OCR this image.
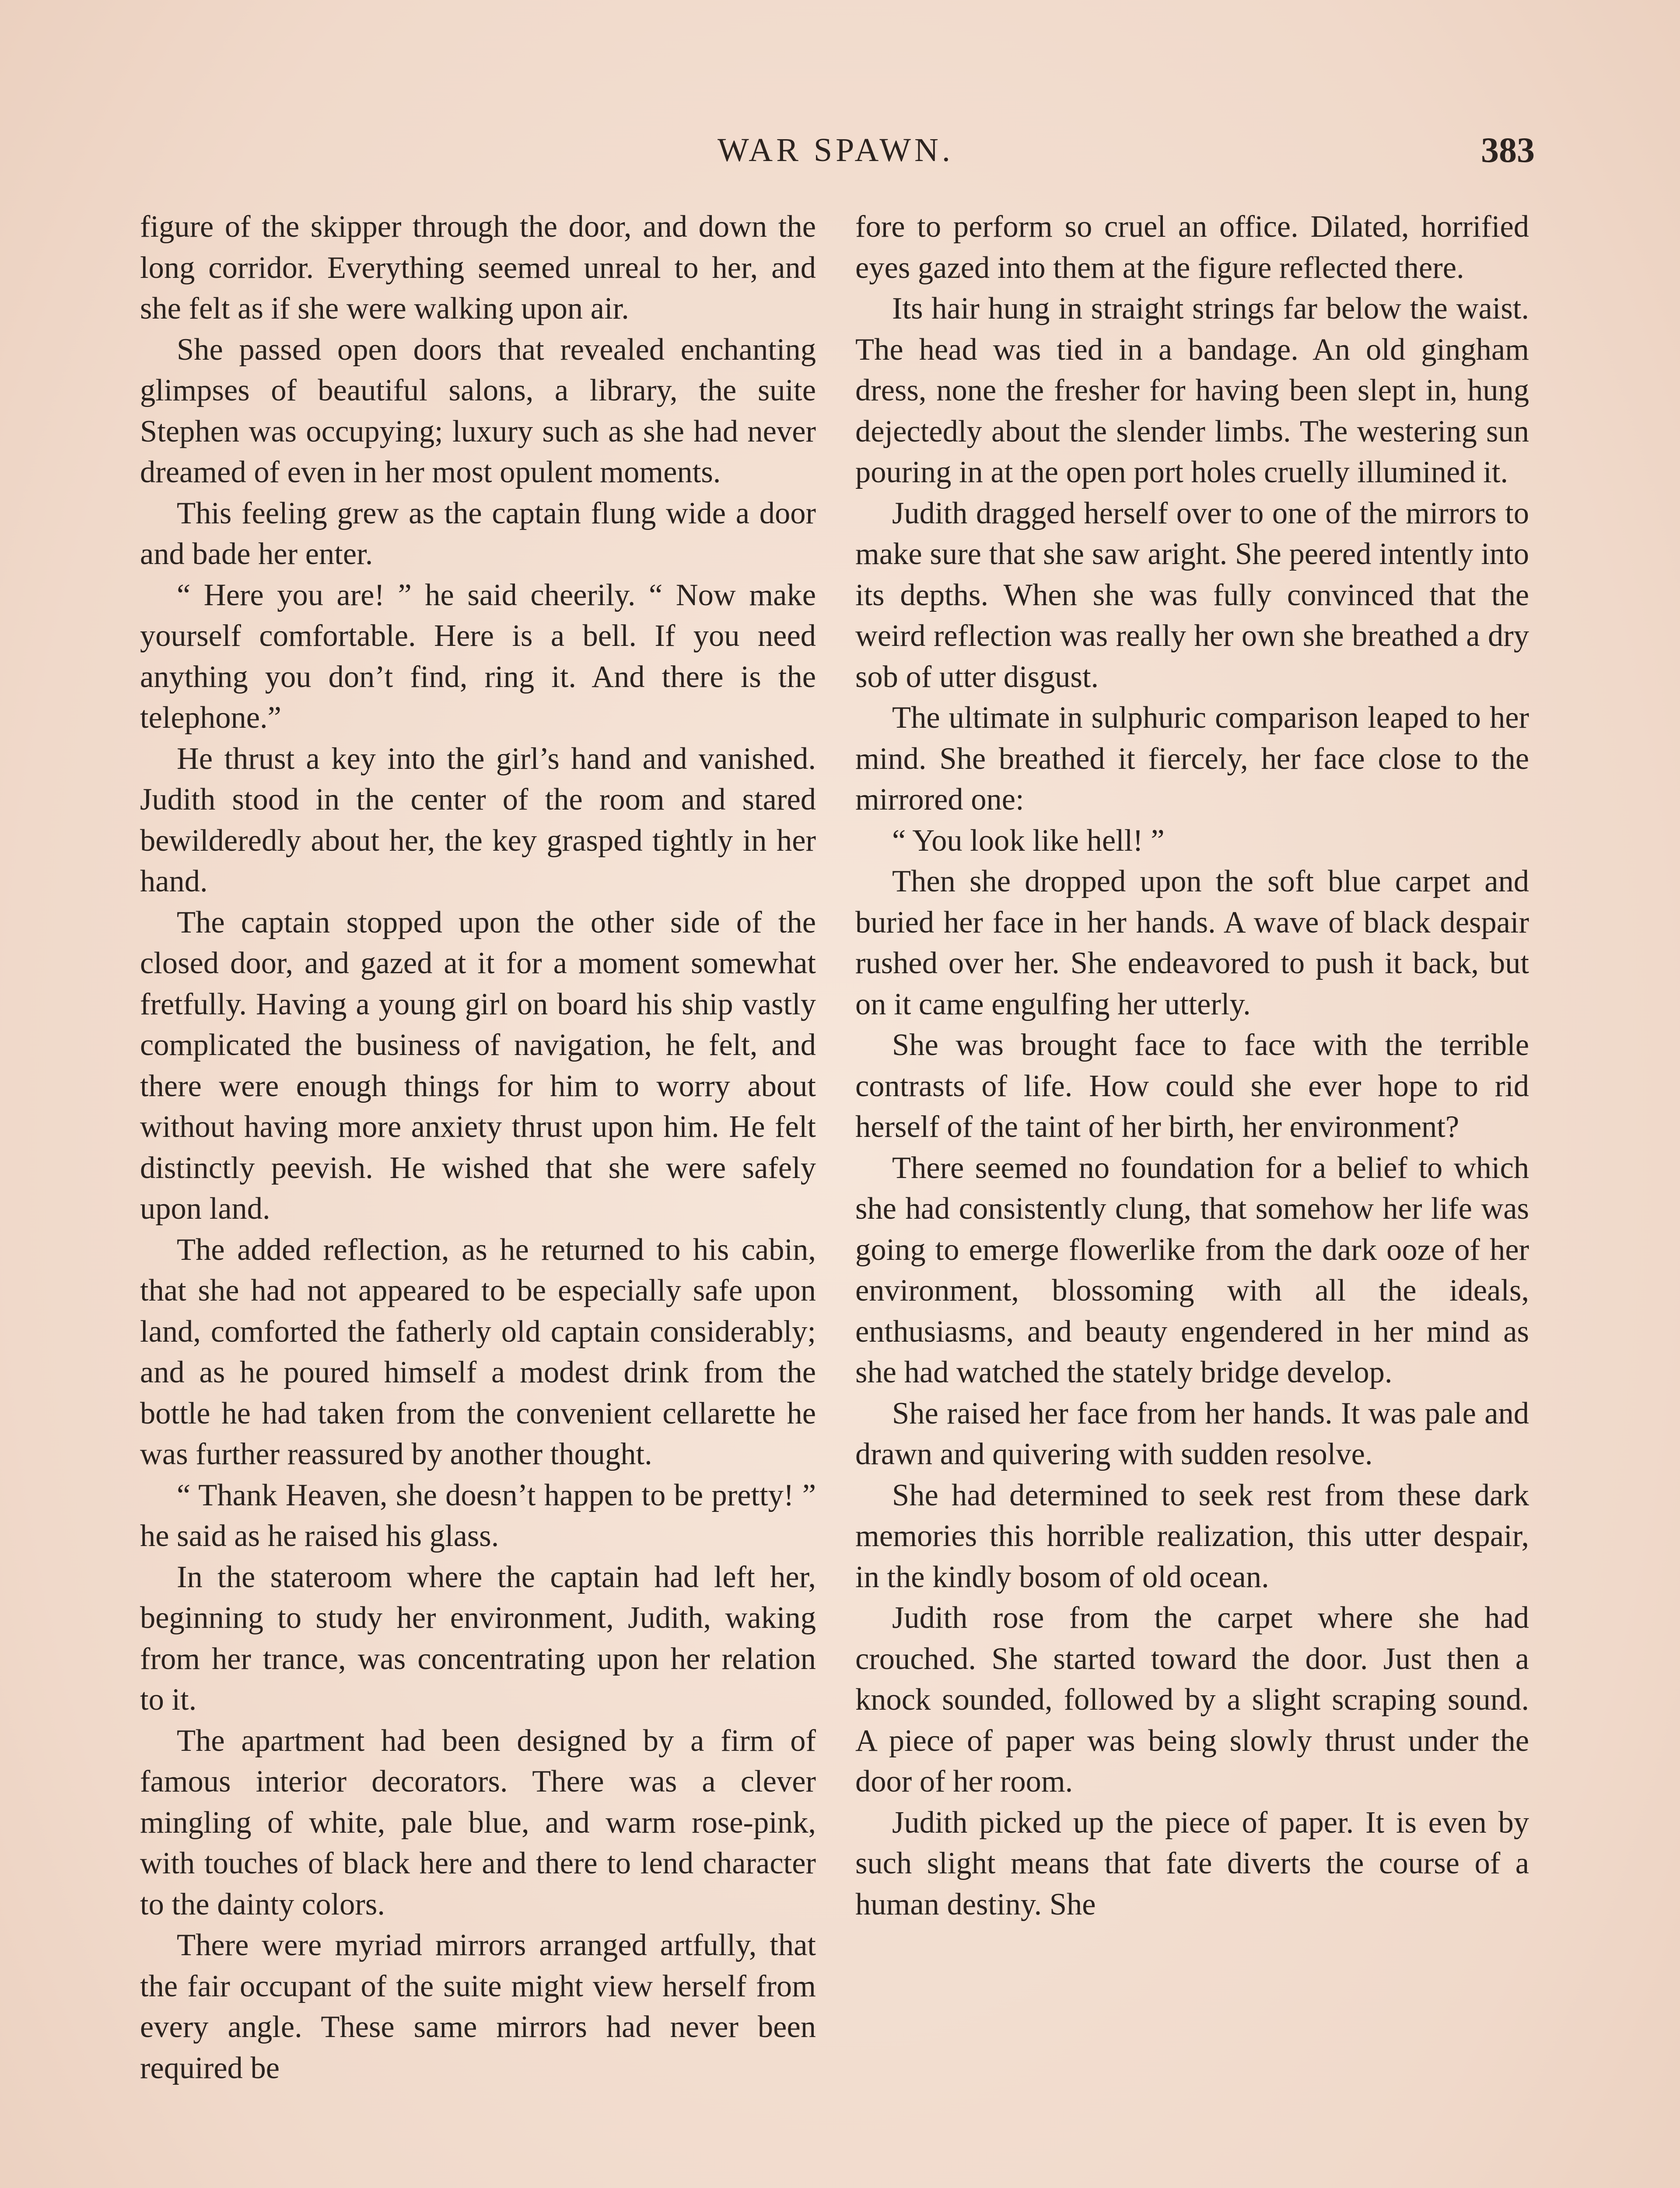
WAR SPAWN.	383

figure of the skipper through the door, and down the long corridor. Everything seemed unreal to her, and she felt as if she were walking upon air.

She passed open doors that revealed enchanting glimpses of beautiful salons, a library, the suite Stephen was occupying; luxury such as she had never dreamed of even in her most opulent moments.

This feeling grew as the captain flung wide a door and bade her enter.

“ Here you are! ” he said cheerily. “ Now make yourself comfortable. Here is a bell. If you need anything you don’t find, ring it. And there is the telephone.”

He thrust a key into the girl’s hand and vanished. Judith stood in the center of the room and stared bewilderedly about her, the key grasped tightly in her hand.

The captain stopped upon the other side of the closed door, and gazed at it for a moment somewhat fretfully. Having a young girl on board his ship vastly complicated the business of navigation, he felt, and there were enough things for him to worry about without having more anxiety thrust upon him. He felt distinctly peevish. He wished that she were safely upon land.

The added reflection, as he returned to his cabin, that she had not appeared to be especially safe upon land, comforted the fatherly old captain considerably; and as he poured himself a modest drink from the bottle he had taken from the convenient cellarette he was further reassured by another thought.

“ Thank Heaven, she doesn’t happen to be pretty! ” he said as he raised his glass.

In the stateroom where the captain had left her, beginning to study her environment, Judith, waking from her trance, was concentrating upon her relation to it.

The apartment had been designed by a firm of famous interior decorators. There was a clever mingling of white, pale blue, and warm rose-pink, with touches of black here and there to lend character to the dainty colors.

There were myriad mirrors arranged artfully, that the fair occupant of the suite might view herself from every angle. These same mirrors had never been required be

fore to perform so cruel an office. Dilated, horrified eyes gazed into them at the figure reflected there.

Its hair hung in straight strings far below the waist. The head was tied in a bandage. An old gingham dress, none the fresher for having been slept in, hung dejectedly about the slender limbs. The westering sun pouring in at the open port holes cruelly illumined it.

Judith dragged herself over to one of the mirrors to make sure that she saw aright. She peered intently into its depths. When she was fully convinced that the weird reflection was really her own she breathed a dry sob of utter disgust.

The ultimate in sulphuric comparison leaped to her mind. She breathed it fiercely, her face close to the mirrored one:

“ You look like hell! ”

Then she dropped upon the soft blue carpet and buried her face in her hands. A wave of black despair rushed over her. She endeavored to push it back, but on it came engulfing her utterly.

She was brought face to face with the terrible contrasts of life. How could she ever hope to rid herself of the taint of her birth, her environment?

There seemed no foundation for a belief to which she had consistently clung, that somehow her life was going to emerge flowerlike from the dark ooze of her environment, blossoming with all the ideals, enthusiasms, and beauty engendered in her mind as she had watched the stately bridge develop.

She raised her face from her hands. It was pale and drawn and quivering with sudden resolve.

She had determined to seek rest from these dark memories this horrible realization, this utter despair, in the kindly bosom of old ocean.

Judith rose from the carpet where she had crouched. She started toward the door. Just then a knock sounded, followed by a slight scraping sound. A piece of paper was being slowly thrust under the door of her room.

Judith picked up the piece of paper. It is even by such slight means that fate diverts the course of a human destiny. She
